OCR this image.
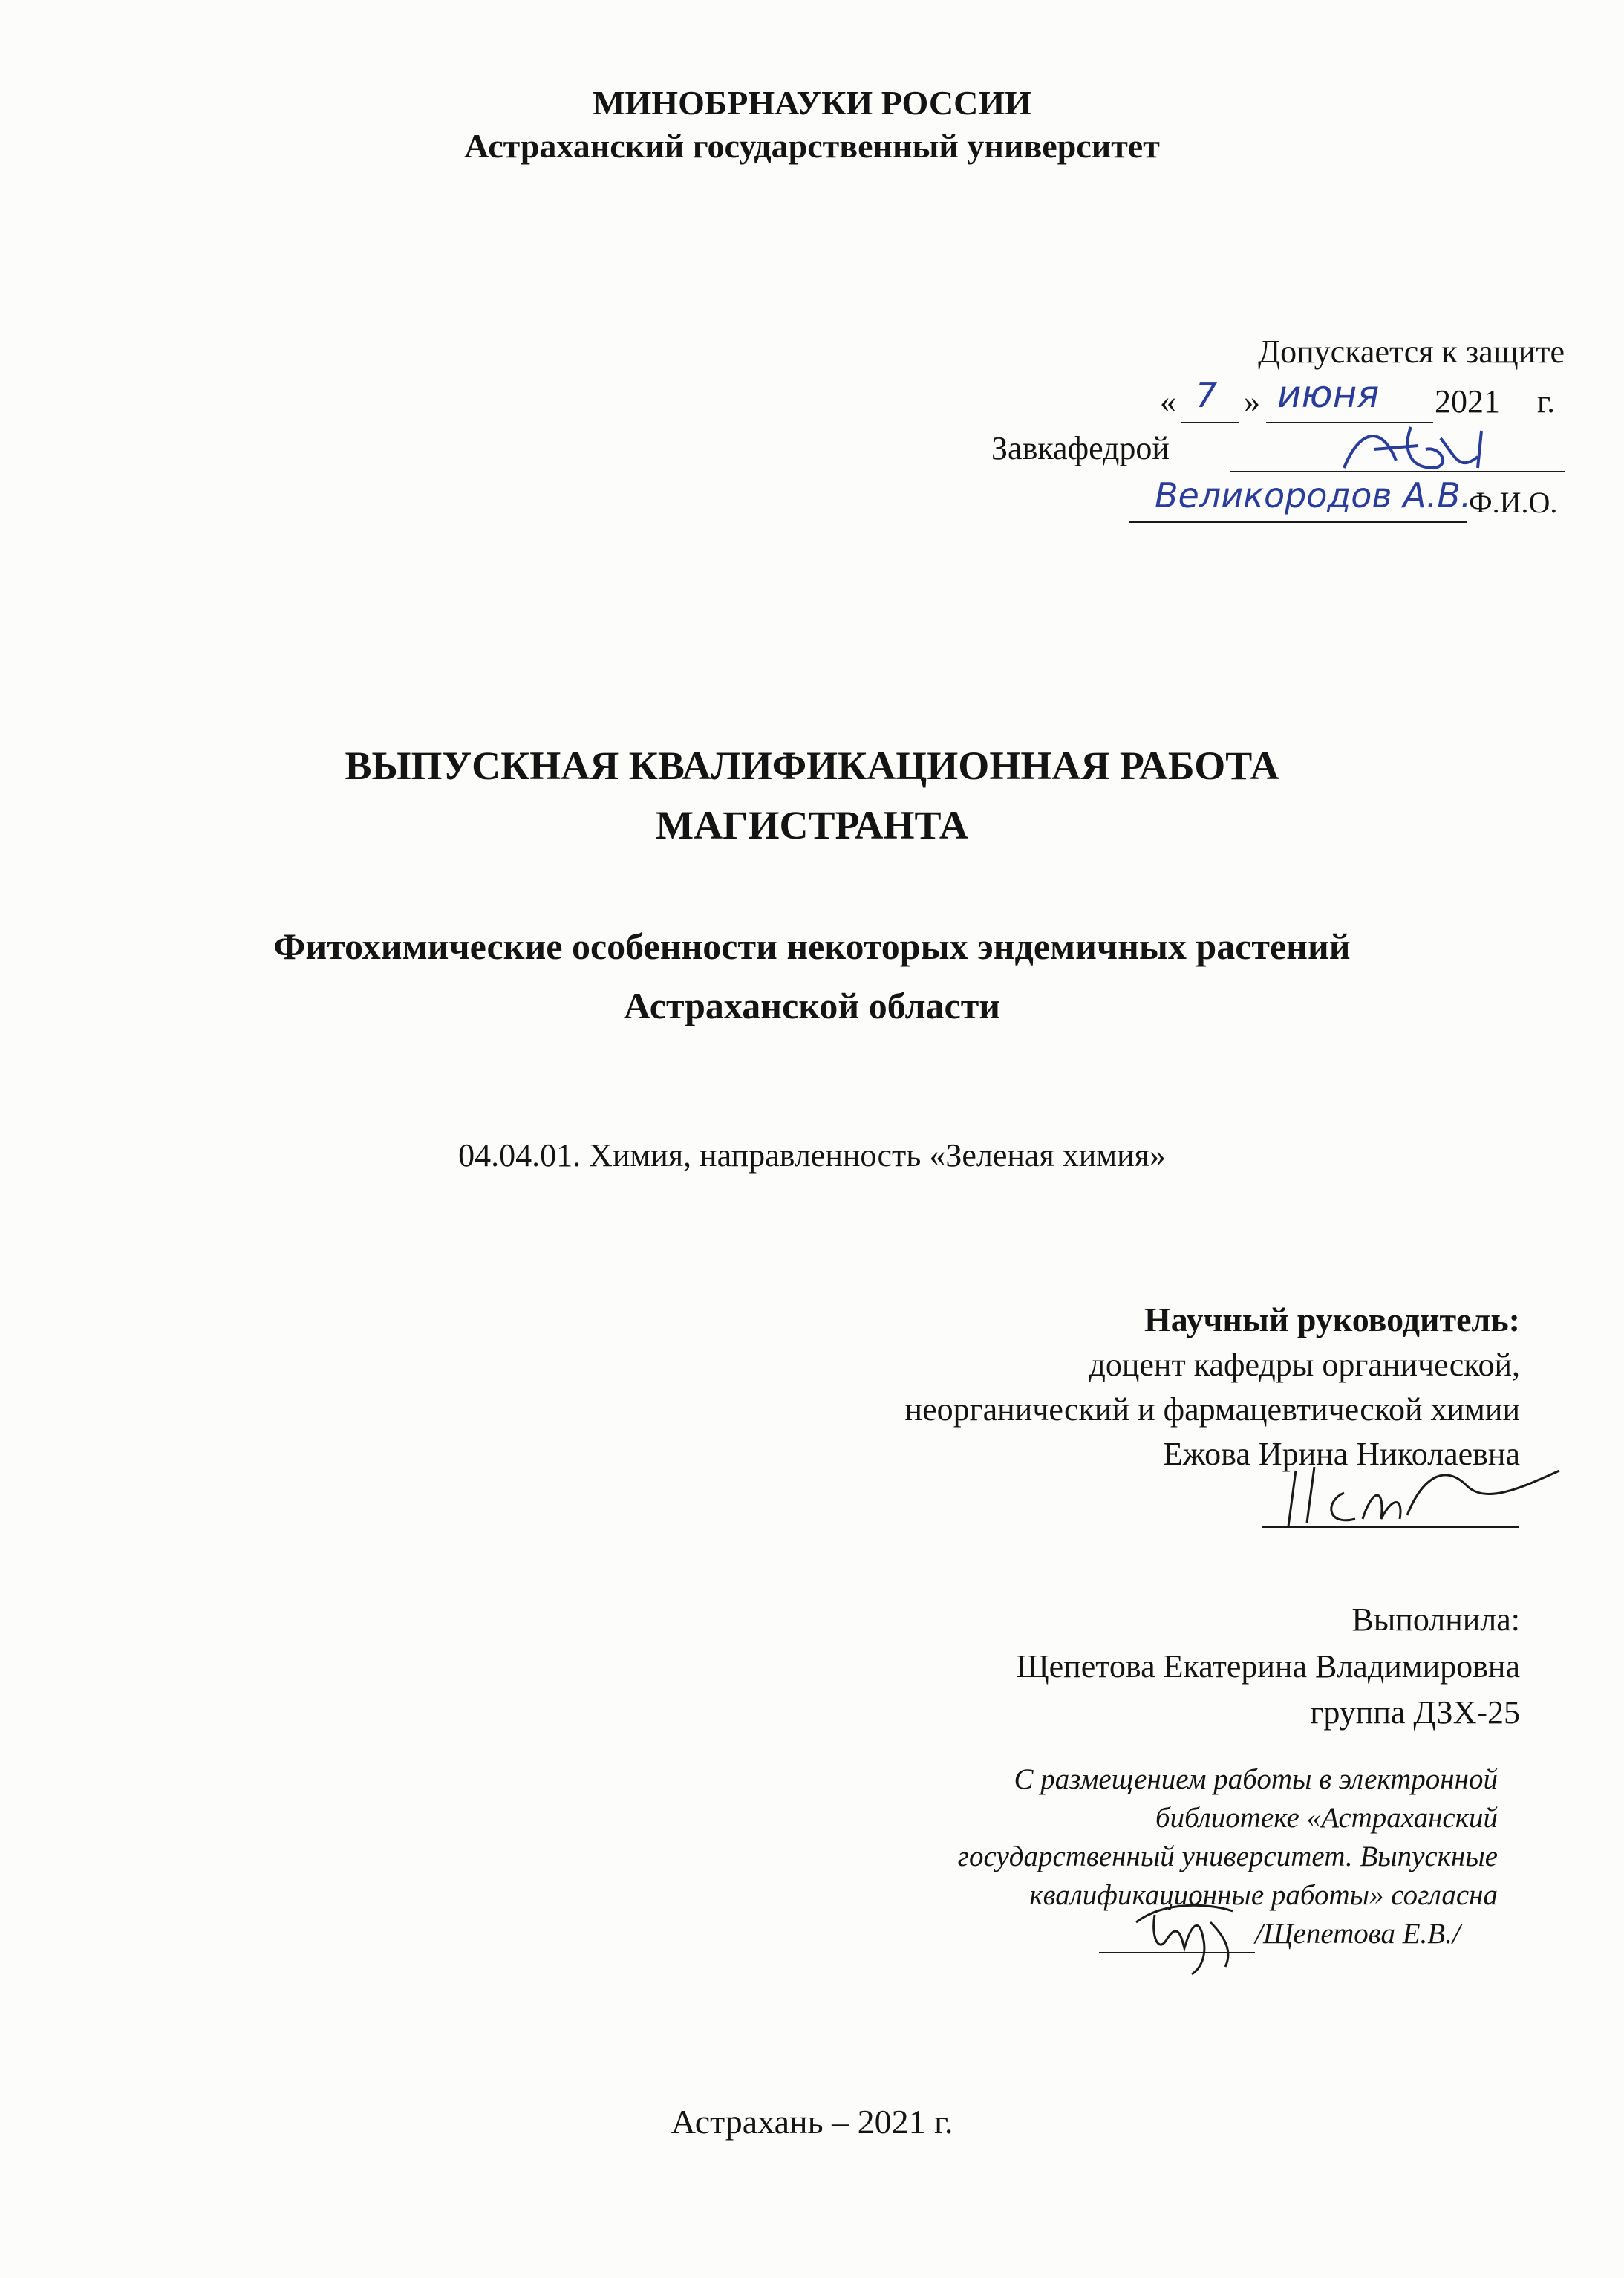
МИНОБРНАУКИ РОССИИ
Астраханский государственный университет
Допускается к защите
« 7 » июня 2021 г.
Завкафедрой
Великородов А.В.
Ф.И.О.
ВЫПУСКНАЯ КВАЛИФИКАЦИОННАЯ РАБОТА
МАГИСТРАНТА
Фитохимические особенности некоторых эндемичных растений
Астраханской области
04.04.01. Химия, направленность «Зеленая химия»
Научный руководитель:
доцент кафедры органической,
неорганический и фармацевтической химии
Ежова Ирина Николаевна
Выполнила:
Щепетова Екатерина Владимировна
группа ДЗХ-25
С размещением работы в электронной
библиотеке «Астраханский
государственный университет. Выпускные
квалификационные работы» согласна
/Щепетова Е.В./
Астрахань – 2021 г.
